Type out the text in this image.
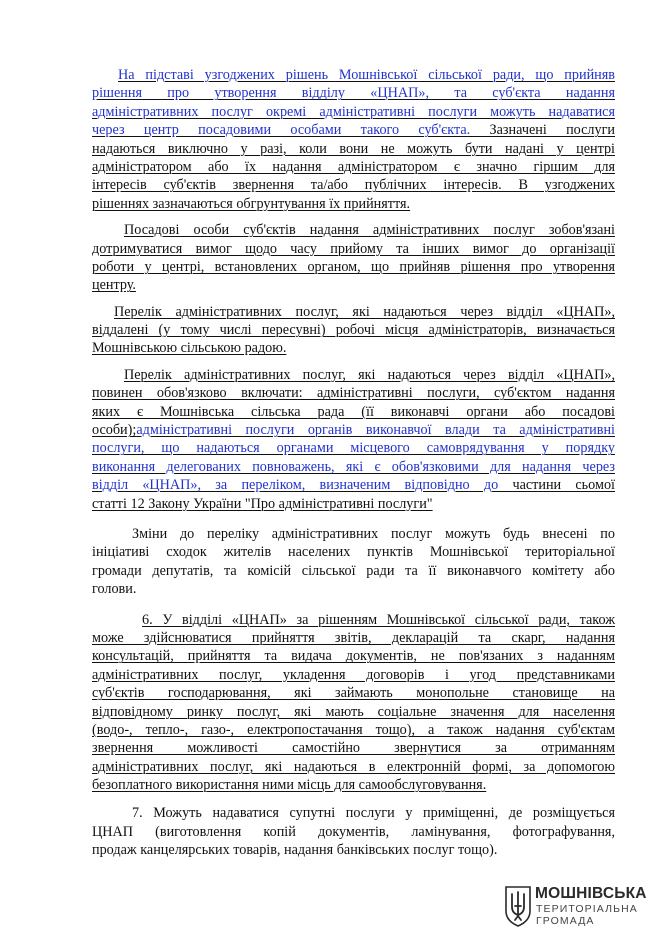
На підставі узгоджених рішень Мошнівської сільської ради, що прийняв
рішення про утворення відділу «ЦНАП», та суб'єкта надання
адміністративних послуг окремі адміністративні послуги можуть надаватися
через центр посадовими особами такого суб'єкта. Зазначені послуги
надаються виключно у разі, коли вони не можуть бути надані у центрі
адміністратором або їх надання адміністратором є значно гіршим для
інтересів суб'єктів звернення та/або публічних інтересів. В узгоджених
рішеннях зазначаються обгрунтування їх прийняття.
Посадові особи суб'єктів надання адміністративних послуг зобов'язані
дотримуватися вимог щодо часу прийому та інших вимог до організації
роботи у центрі, встановлених органом, що прийняв рішення про утворення
центру.
Перелік адміністративних послуг, які надаються через відділ «ЦНАП»,
віддалені (у тому числі пересувні) робочі місця адміністраторів, визначається
Мошнівською сільською радою.
Перелік адміністративних послуг, які надаються через відділ «ЦНАП»,
повинен обов'язково включати: адміністративні послуги, суб'єктом надання
яких є Мошнівська сільська рада (її виконавчі органи або посадові
особи);адміністративні послуги органів виконавчої влади та адміністративні
послуги, що надаються органами місцевого самоврядування у порядку
виконання делегованих повноважень, які є обов'язковими для надання через
відділ «ЦНАП», за переліком, визначеним відповідно до частини сьомої
статті 12 Закону України "Про адміністративні послуги"
Зміни до переліку адміністративних послуг можуть будь внесені по
ініціативі сходок жителів населених пунктів Мошнівської територіальної
громади депутатів, та комісій сільської ради та її виконавчого комітету або
голови.
6. У відділі «ЦНАП» за рішенням Мошнівської сільської ради, також
може здійснюватися прийняття звітів, декларацій та скарг, надання
консультацій, прийняття та видача документів, не пов'язаних з наданням
адміністративних послуг, укладення договорів і угод представниками
суб'єктів господарювання, які займають монопольне становище на
відповідному ринку послуг, які мають соціальне значення для населення
(водо-, тепло-, газо-, електропостачання тощо), а також надання суб'єктам
звернення можливості самостійно звернутися за отриманням
адміністративних послуг, які надаються в електронній формі, за допомогою
безоплатного використання ними місць для самообслуговування.
7. Можуть надаватися супутні послуги у приміщенні, де розміщується
ЦНАП (виготовлення копій документів, ламінування, фотографування,
продаж канцелярських товарів, надання банківських послуг тощо).
МОШНІВСЬКА
ТЕРИТОРІАЛЬНА
ГРОМАДА
